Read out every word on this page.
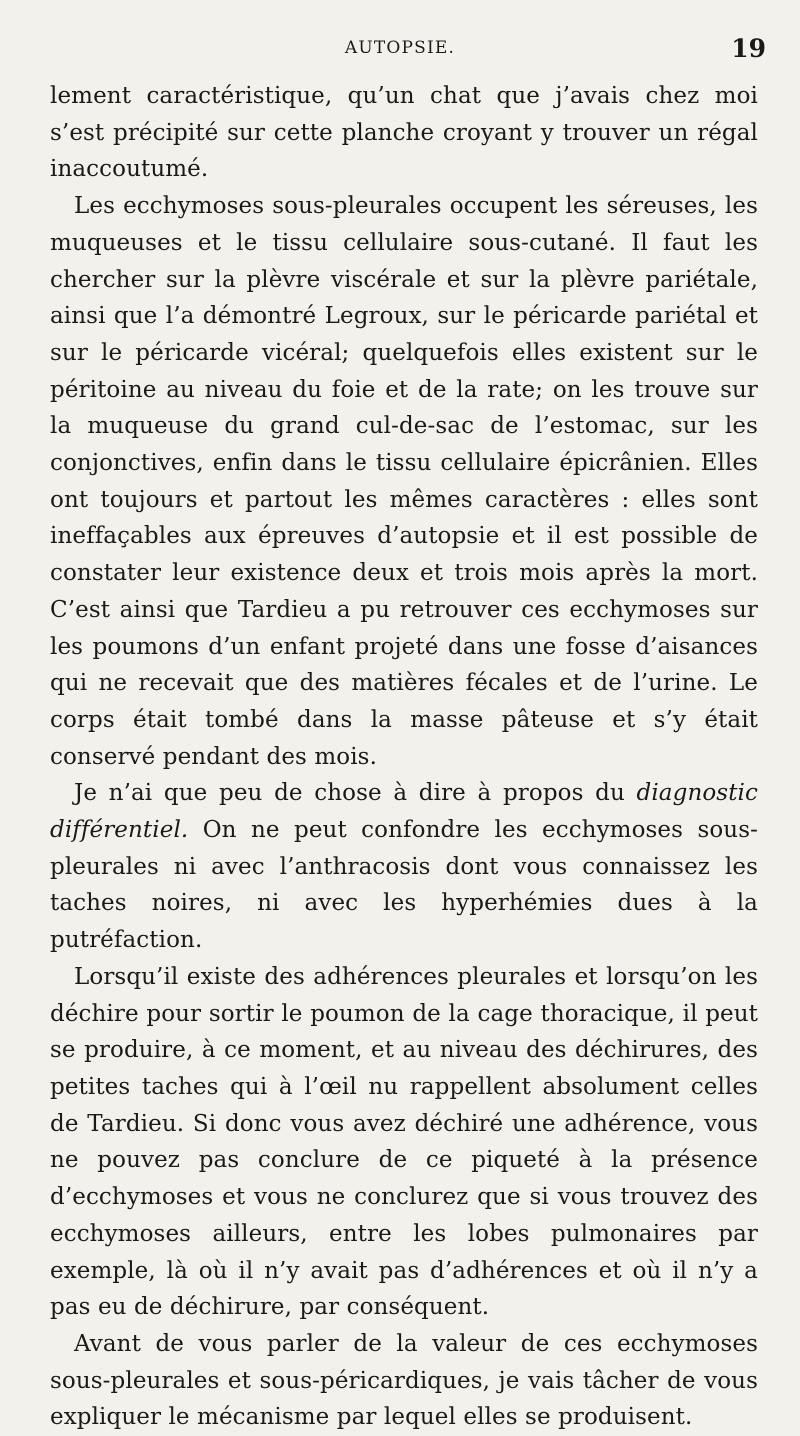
AUTOPSIE.	19

lement caractéristique, qu’un chat que j’avais chez moi s’est précipité sur cette planche croyant y trouver un régal inaccoutumé.

Les ecchymoses sous-pleurales occupent les séreuses, les muqueuses et le tissu cellulaire sous-cutané. Il faut les chercher sur la plèvre viscérale et sur la plèvre pariétale, ainsi que l’a démontré Legroux, sur le péricarde pariétal et sur le péricarde vicéral; quelquefois elles existent sur le péritoine au niveau du foie et de la rate; on les trouve sur la muqueuse du grand cul-de-sac de l’estomac, sur les conjonctives, enfin dans le tissu cellulaire épicrânien. Elles ont toujours et partout les mêmes caractères : elles sont ineffaçables aux épreuves d’autopsie et il est possible de constater leur existence deux et trois mois après la mort. C’est ainsi que Tardieu a pu retrouver ces ecchymoses sur les poumons d’un enfant projeté dans une fosse d’aisances qui ne recevait que des matières fécales et de l’urine. Le corps était tombé dans la masse pâteuse et s’y était conservé pendant des mois.

Je n’ai que peu de chose à dire à propos du diagnostic différentiel. On ne peut confondre les ecchymoses sous-pleurales ni avec l’anthracosis dont vous connaissez les taches noires, ni avec les hyperhémies dues à la putréfaction.

Lorsqu’il existe des adhérences pleurales et lorsqu’on les déchire pour sortir le poumon de la cage thoracique, il peut se produire, à ce moment, et au niveau des déchirures, des petites taches qui à l’œil nu rappellent absolument celles de Tardieu. Si donc vous avez déchiré une adhérence, vous ne pouvez pas conclure de ce piqueté à la présence d’ecchymoses et vous ne conclurez que si vous trouvez des ecchymoses ailleurs, entre les lobes pulmonaires par exemple, là où il n’y avait pas d’adhérences et où il n’y a pas eu de déchirure, par conséquent.

Avant de vous parler de la valeur de ces ecchymoses sous-pleurales et sous-péricardiques, je vais tâcher de vous expliquer le mécanisme par lequel elles se produisent.
